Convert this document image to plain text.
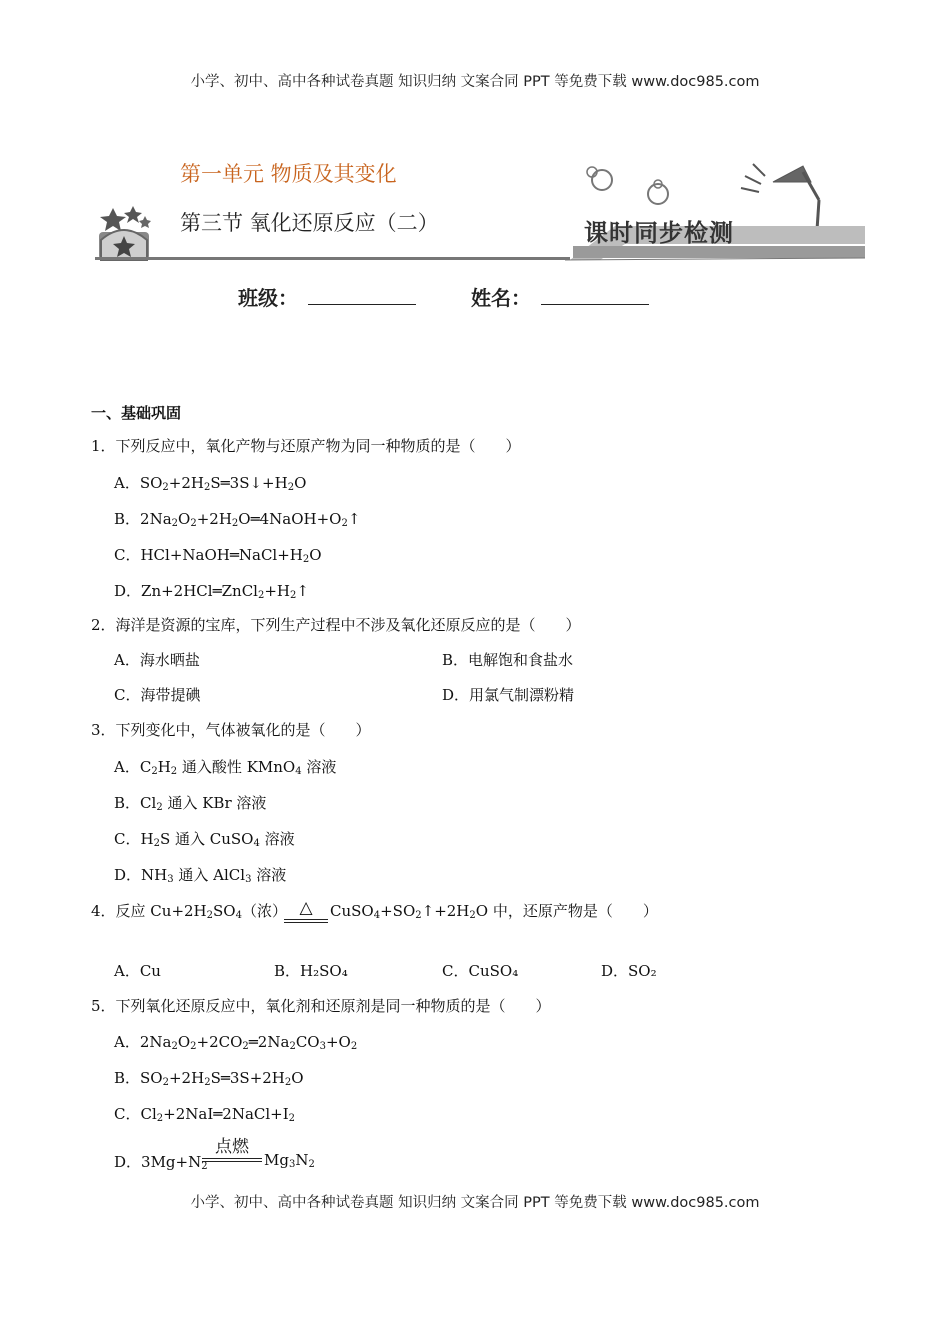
小学、初中、高中各种试卷真题 知识归纳 文案合同 PPT 等免费下载 www.doc985.com
小学、初中、高中各种试卷真题 知识归纳 文案合同 PPT 等免费下载 www.doc985.com
第一单元 物质及其变化
第三节 氧化还原反应（二）	课时同步检测
班级：	姓名：
一、基础巩固
1．下列反应中，氧化产物与还原产物为同一种物质的是（　　）
A．$SO_2+2H_2S═3S↓+H_2O$
B．$2Na_2O_2+2H_2O═4NaOH+O_2↑$
C．$HCl+NaOH═NaCl+H_2O$
D．$Zn+2HCl═ZnCl_2+H_2↑$
2．海洋是资源的宝库，下列生产过程中不涉及氧化还原反应的是（　　）
A．海水晒盐	B．电解饱和食盐水
C．海带提碘	D．用氯气制漂粉精
3．下列变化中，气体被氧化的是（　　）
A．$C_2H_2$ 通入酸性 KMnO$_4$ 溶液
B．$Cl_2$ 通入 KBr 溶液
C．$H_2S$ 通入 CuSO$_4$ 溶液
D．$NH_3$ 通入 AlCl$_3$ 溶液
4．反应 $Cu+2H_2SO_4$（浓） △	$CuSO_4+SO_2↑+2H_2O$ 中，还原产物是（　　）
A．Cu	B．H₂SO₄	C．CuSO₄	D．SO₂
5．下列氧化还原反应中，氧化剂和还原剂是同一种物质的是（　　）
A．$2Na_2O_2+2CO_2═2Na_2CO_3+O_2$
B．$SO_2+2H_2S═3S+2H_2O$
C．$Cl_2+2NaI═2NaCl+I_2$
D．$3Mg+N_2$
点燃
$Mg_3N_2$
